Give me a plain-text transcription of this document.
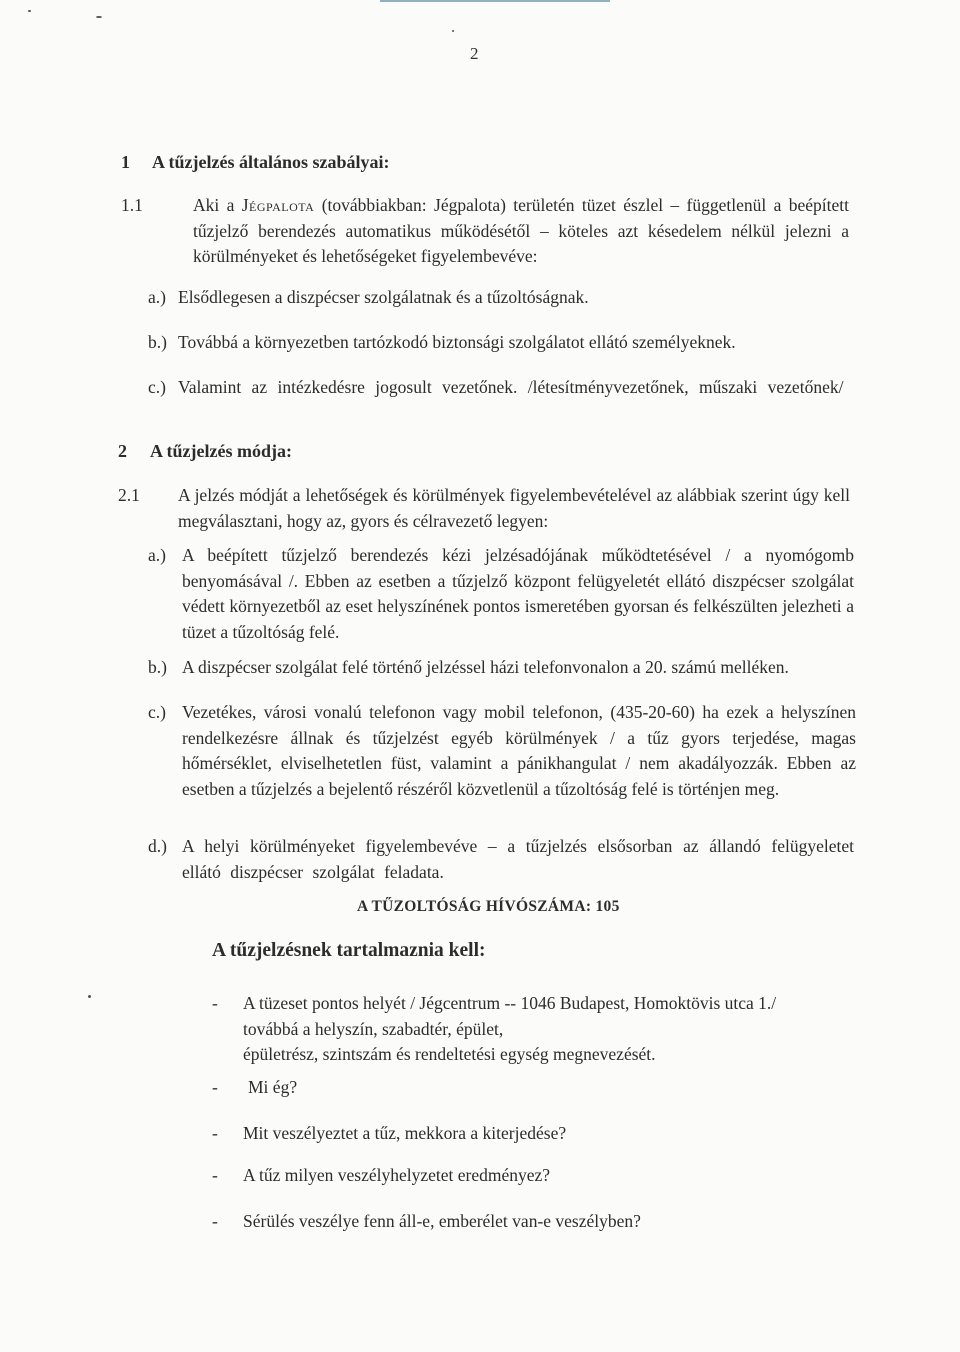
2
1 A tűzjelzés általános szabályai:
1.1	Aki a Jégpalota (továbbiakban: Jégpalota) területén tüzet észlel – függetlenül a beépített tűzjelző berendezés automatikus működésétől – köteles azt késedelem nélkül jelezni a körülményeket és lehetőségeket figyelembevéve:
a.) Elsődlegesen a diszpécser szolgálatnak és a tűzoltóságnak.
b.) Továbbá a környezetben tartózkodó biztonsági szolgálatot ellátó személyeknek.
c.) Valamint az intézkedésre jogosult vezetőnek. /létesítményvezetőnek, műszaki vezetőnek/
2 A tűzjelzés módja:
2.1 A jelzés módját a lehetőségek és körülmények figyelembevételével az alábbiak szerint úgy kell megválasztani, hogy az, gyors és célravezető legyen:
a.) A beépített tűzjelző berendezés kézi jelzésadójának működtetésével / a nyomógomb benyomásával /. Ebben az esetben a tűzjelző központ felügyeletét ellátó diszpécser szolgálat védett környezetből az eset helyszínének pontos ismeretében gyorsan és felkészülten jelezheti a tüzet a tűzoltóság felé.
b.) A diszpécser szolgálat felé történő jelzéssel házi telefonvonalon a 20. számú melléken.
c.) Vezetékes, városi vonalú telefonon vagy mobil telefonon, (435-20-60) ha ezek a helyszínen rendelkezésre állnak és tűzjelzést egyéb körülmények / a tűz gyors terjedése, magas hőmérséklet, elviselhetetlen füst, valamint a pánikhangulat / nem akadályozzák. Ebben az esetben a tűzjelzés a bejelentő részéről közvetlenül a tűzoltóság felé is történjen meg.
d.) A helyi körülményeket figyelembevéve – a tűzjelzés elsősorban az állandó felügyeletet ellátó diszpécser szolgálat feladata.
A TŰZOLTÓSÁG HÍVÓSZÁMA: 105
A tűzjelzésnek tartalmaznia kell:
- A tüzeset pontos helyét / Jégcentrum -- 1046 Budapest, Homoktövis utca 1./
továbbá a helyszín, szabadtér, épület,
épületrész, szintszám és rendeltetési egység megnevezését.
- Mi ég?
- Mit veszélyeztet a tűz, mekkora a kiterjedése?
- A tűz milyen veszélyhelyzetet eredményez?
- Sérülés veszélye fenn áll-e, emberélet van-e veszélyben?
